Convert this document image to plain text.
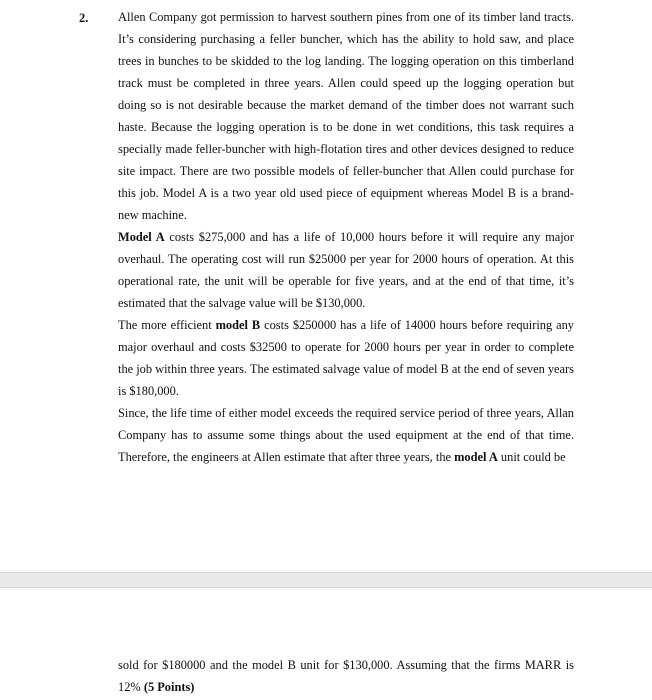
2. Allen Company got permission to harvest southern pines from one of its timber land tracts. It’s considering purchasing a feller buncher, which has the ability to hold saw, and place trees in bunches to be skidded to the log landing. The logging operation on this timberland track must be completed in three years. Allen could speed up the logging operation but doing so is not desirable because the market demand of the timber does not warrant such haste. Because the logging operation is to be done in wet conditions, this task requires a specially made feller-buncher with high-flotation tires and other devices designed to reduce site impact. There are two possible models of feller-buncher that Allen could purchase for this job. Model A is a two year old used piece of equipment whereas Model B is a brand-new machine.

Model A costs $275,000 and has a life of 10,000 hours before it will require any major overhaul. The operating cost will run $25000 per year for 2000 hours of operation. At this operational rate, the unit will be operable for five years, and at the end of that time, it’s estimated that the salvage value will be $130,000.

The more efficient model B costs $250000 has a life of 14000 hours before requiring any major overhaul and costs $32500 to operate for 2000 hours per year in order to complete the job within three years. The estimated salvage value of model B at the end of seven years is $180,000.

Since, the life time of either model exceeds the required service period of three years, Allan Company has to assume some things about the used equipment at the end of that time. Therefore, the engineers at Allen estimate that after three years, the model A unit could be

sold for $180000 and the model B unit for $130,000. Assuming that the firms MARR is 12% (5 Points)
